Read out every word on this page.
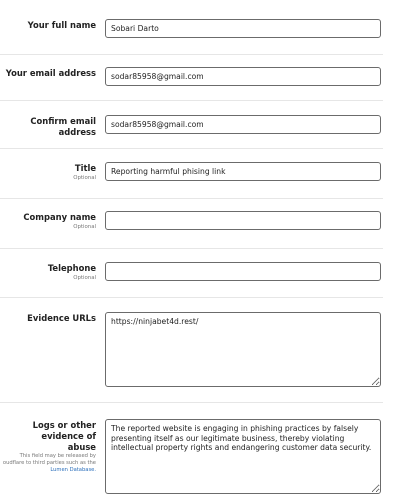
Your full name
Sobari Darto
Your email address
sodar85958@gmail.com
Confirm email address
sodar85958@gmail.com
Title
Optional
Reporting harmful phising link
Company name
Optional
Telephone
Optional
Evidence URLs
https://ninjabet4d.rest/
Logs or other evidence of
abuse
This field may be released by
oudflare to third parties such as the
Lumen Database.
The reported website is engaging in phishing practices by falsely presenting itself as our legitimate business, thereby violating intellectual property rights and endangering customer data security.
